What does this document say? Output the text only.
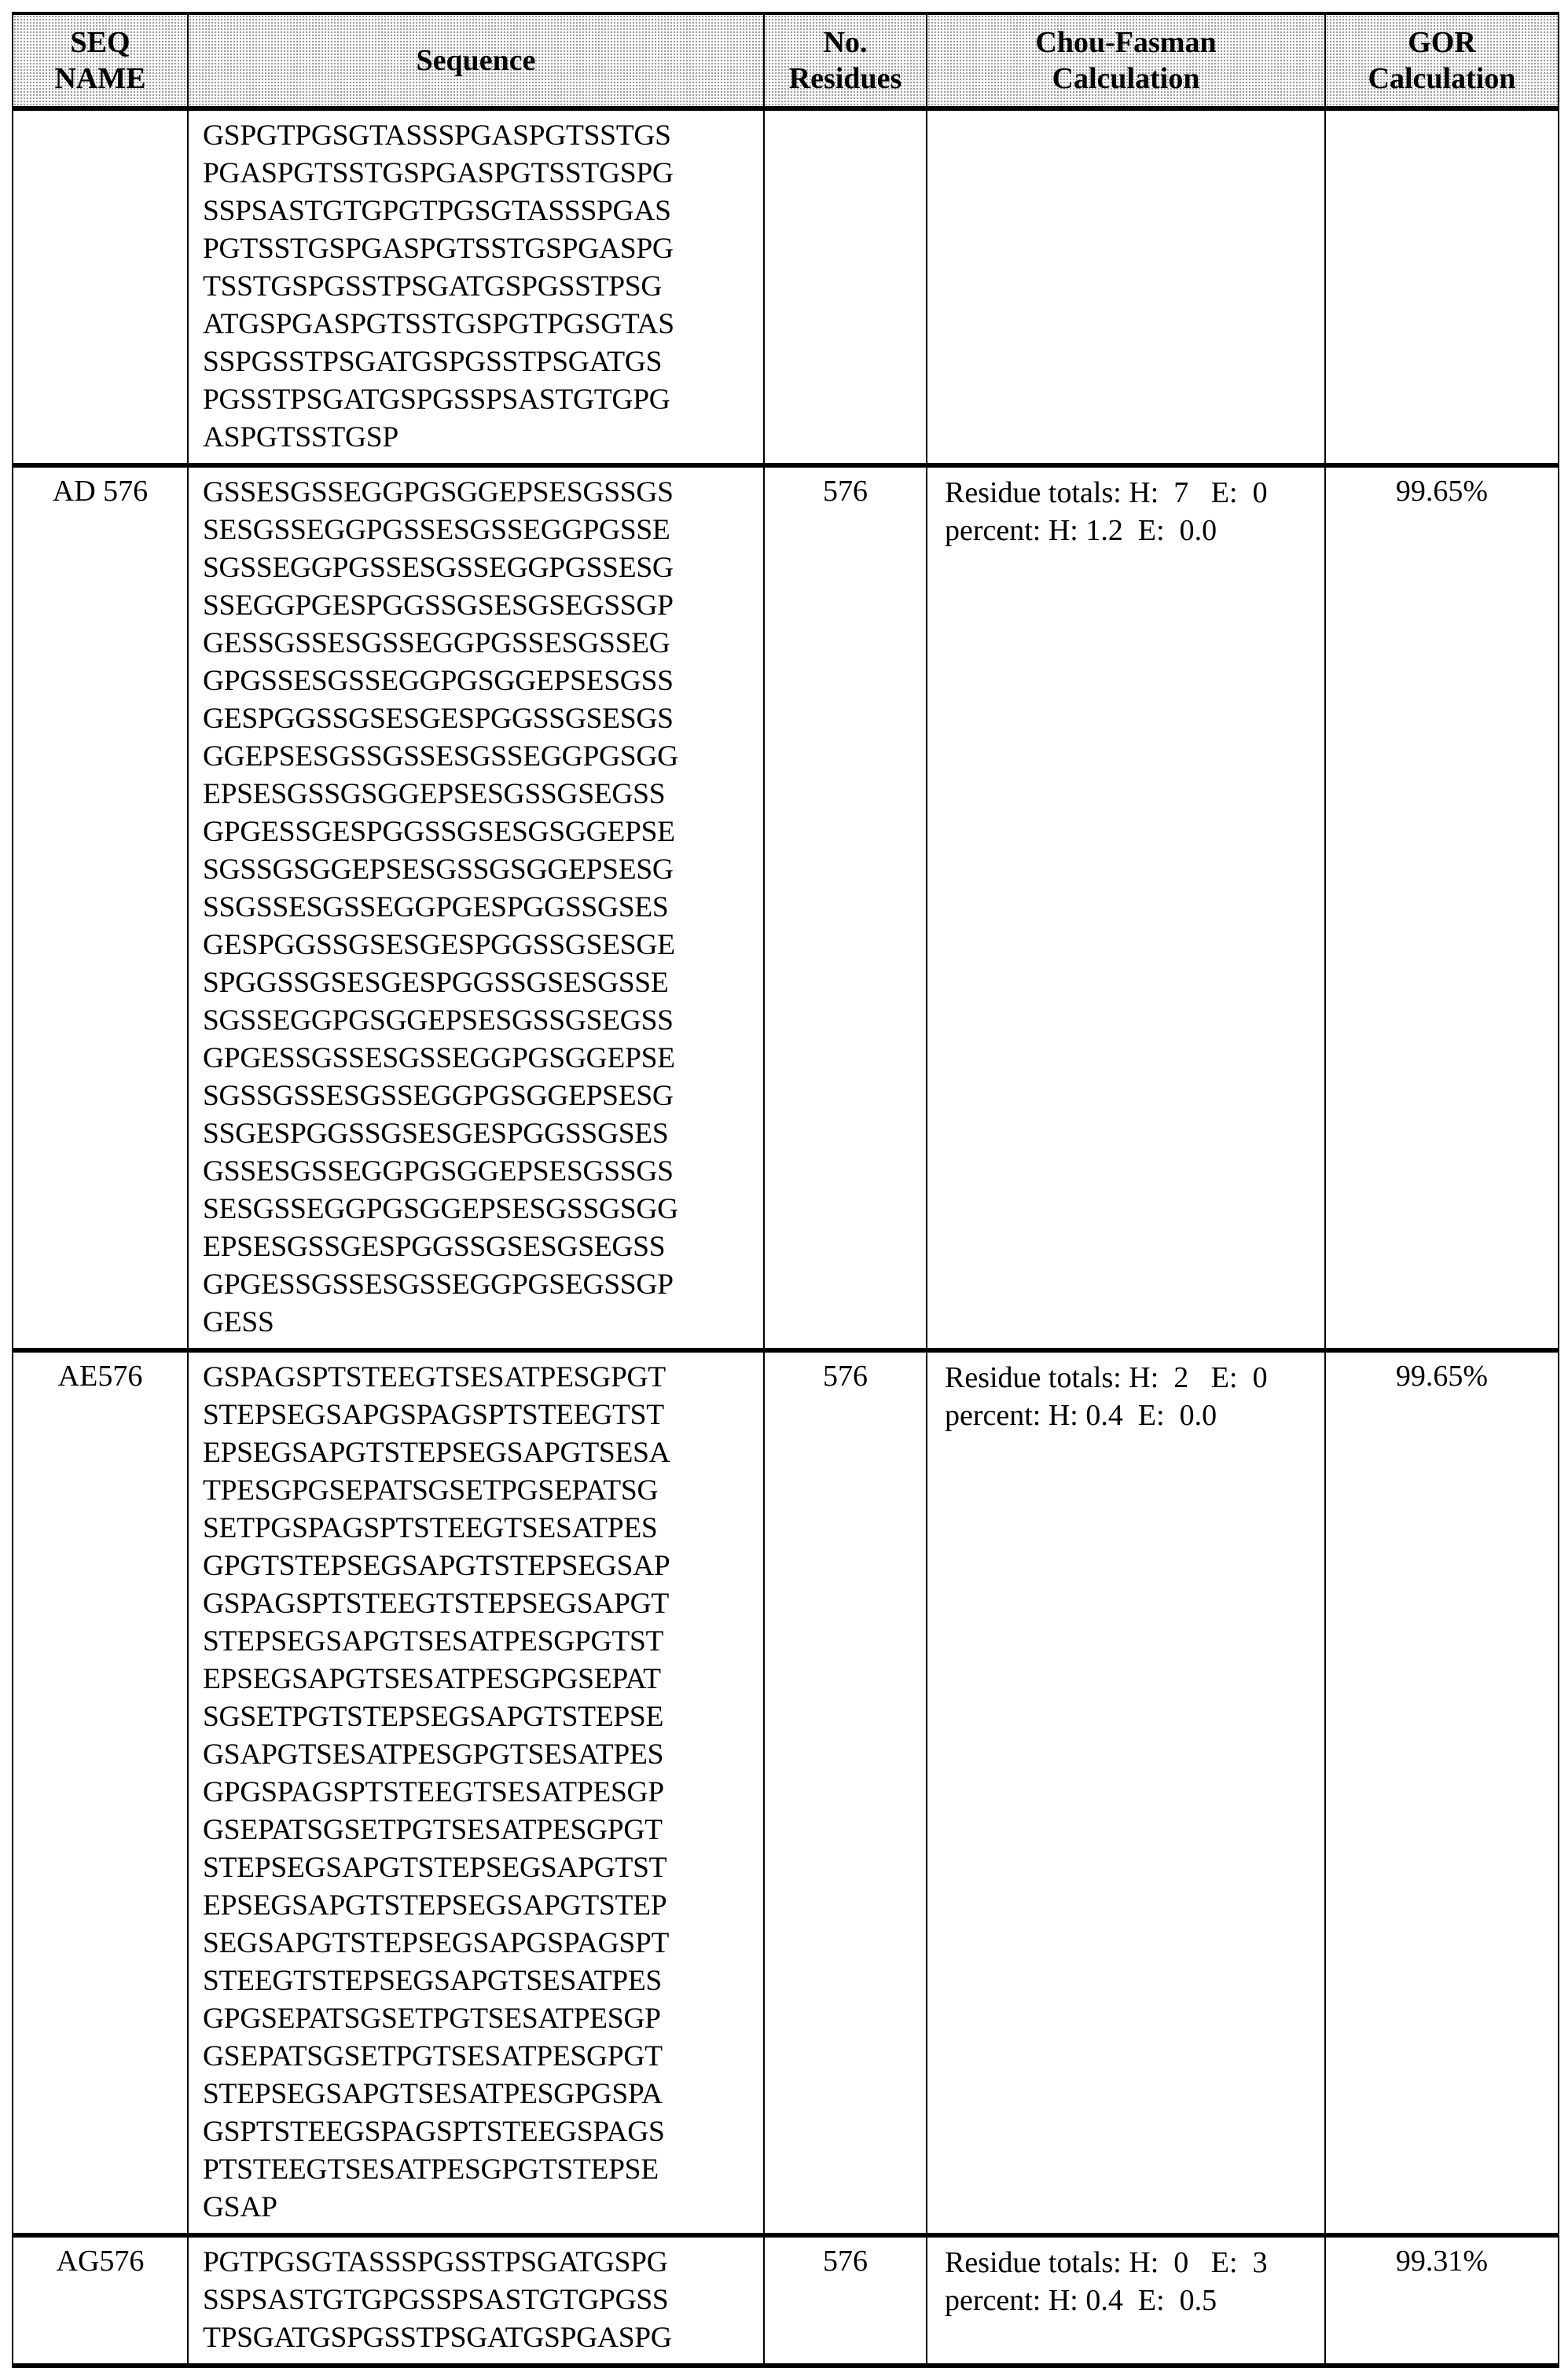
SEQ
NAME
	Sequence	
No.
Residues

Chou-Fasman
Calculation

GOR
Calculation

GSPGTPGSGTASSSPGASPGTSSTGS
PGASPGTSSTGSPGASPGTSSTGSPG
SSPSASTGTGPGTPGSGTASSSPGAS
PGTSSTGSPGASPGTSSTGSPGASPG
TSSTGSPGSSTPSGATGSPGSSTPSG
ATGSPGASPGTSSTGSPGTPGSGTAS
SSPGSSTPSGATGSPGSSTPSGATGS
PGSSTPSGATGSPGSSPSASTGTGPG
ASPGTSSTGSP

AD 576	GSSESGSSEGGPGSGGEPSESGSSGS
SESGSSEGGPGSSESGSSEGGPGSSE
SGSSEGGPGSSESGSSEGGPGSSESG
SSEGGPGESPGGSSGSESGSEGSSGP
GESSGSSESGSSEGGPGSSESGSSEG
GPGSSESGSSEGGPGSGGEPSESGSS
GESPGGSSGSESGESPGGSSGSESGS
GGEPSESGSSGSSESGSSEGGPGSGG
EPSESGSSGSGGEPSESGSSGSEGSS
GPGESSGESPGGSSGSESGSGGEPSE
SGSSGSGGEPSESGSSGSGGEPSESG
SSGSSESGSSEGGPGESPGGSSGSES
GESPGGSSGSESGESPGGSSGSESGE
SPGGSSGSESGESPGGSSGSESGSSE
SGSSEGGPGSGGEPSESGSSGSEGSS
GPGESSGSSESGSSEGGPGSGGEPSE
SGSSGSSESGSSEGGPGSGGEPSESG
SSGESPGGSSGSESGESPGGSSGSES
GSSESGSSEGGPGSGGEPSESGSSGS
SESGSSEGGPGSGGEPSESGSSGSGG
EPSESGSSGESPGGSSGSESGSEGSS
GPGESSGSSESGSSEGGPGSEGSSGP
GESS
	576	Residue totals: H:  7   E:  0
percent: H: 1.2  E:  0.0
	99.65%
AE576	GSPAGSPTSTEEGTSESATPESGPGT
STEPSEGSAPGSPAGSPTSTEEGTST
EPSEGSAPGTSTEPSEGSAPGTSESA
TPESGPGSEPATSGSETPGSEPATSG
SETPGSPAGSPTSTEEGTSESATPES
GPGTSTEPSEGSAPGTSTEPSEGSAP
GSPAGSPTSTEEGTSTEPSEGSAPGT
STEPSEGSAPGTSESATPESGPGTST
EPSEGSAPGTSESATPESGPGSEPAT
SGSETPGTSTEPSEGSAPGTSTEPSE
GSAPGTSESATPESGPGTSESATPES
GPGSPAGSPTSTEEGTSESATPESGP
GSEPATSGSETPGTSESATPESGPGT
STEPSEGSAPGTSTEPSEGSAPGTST
EPSEGSAPGTSTEPSEGSAPGTSTEP
SEGSAPGTSTEPSEGSAPGSPAGSPT
STEEGTSTEPSEGSAPGTSESATPES
GPGSEPATSGSETPGTSESATPESGP
GSEPATSGSETPGTSESATPESGPGT
STEPSEGSAPGTSESATPESGPGSPA
GSPTSTEEGSPAGSPTSTEEGSPAGS
PTSTEEGTSESATPESGPGTSTEPSE
GSAP
	576	Residue totals: H:  2   E:  0
percent: H: 0.4  E:  0.0
	99.65%
AG576	PGTPGSGTASSSPGSSTPSGATGSPG
SSPSASTGTGPGSSPSASTGTGPGSS
TPSGATGSPGSSTPSGATGSPGASPG
	576	Residue totals: H:  0   E:  3
percent: H: 0.4  E:  0.5
	99.31%
